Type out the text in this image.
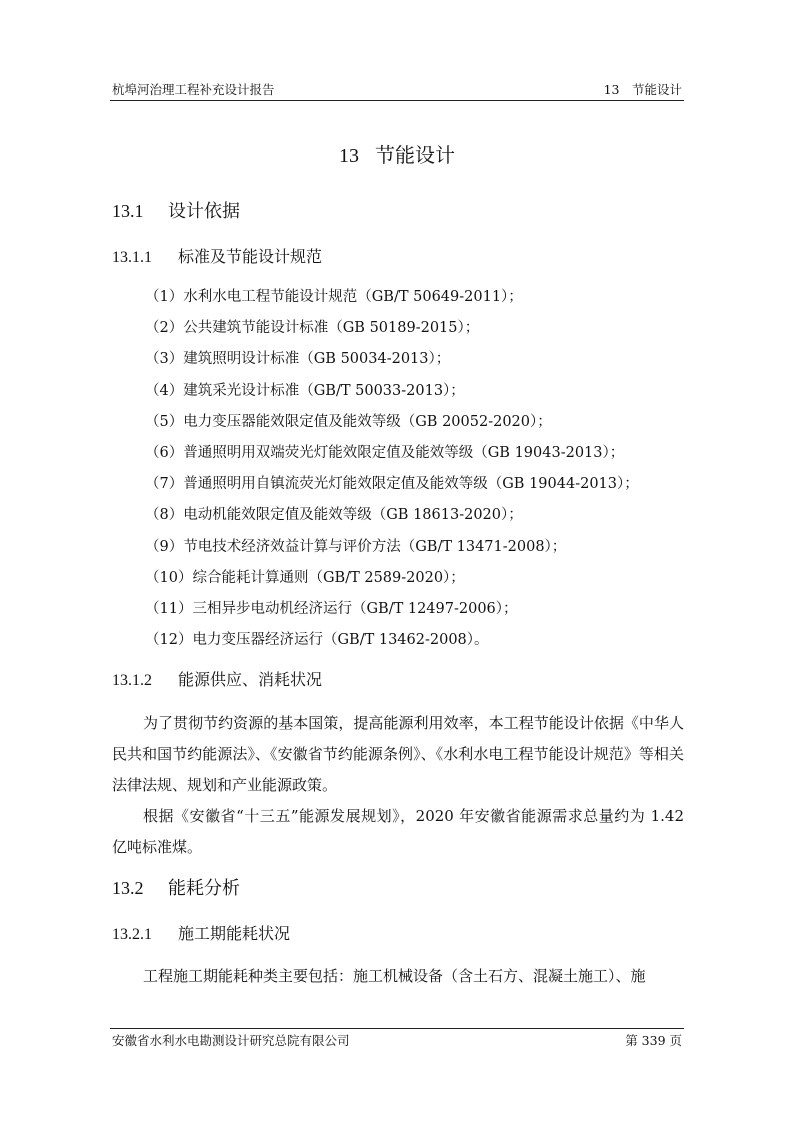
杭埠河治理工程补充设计报告	13　节能设计
13 节能设计
13.1 设计依据
13.1.1 标准及节能设计规范
（1）水利水电工程节能设计规范（GB/T 50649-2011）；
（2）公共建筑节能设计标准（GB 50189-2015）；
（3）建筑照明设计标准（GB 50034-2013）；
（4）建筑采光设计标准（GB/T 50033-2013）；
（5）电力变压器能效限定值及能效等级（GB 20052-2020）；
（6）普通照明用双端荧光灯能效限定值及能效等级（GB 19043-2013）；
（7）普通照明用自镇流荧光灯能效限定值及能效等级（GB 19044-2013）；
（8）电动机能效限定值及能效等级（GB 18613-2020）；
（9）节电技术经济效益计算与评价方法（GB/T 13471-2008）；
（10）综合能耗计算通则（GB/T 2589-2020）；
（11）三相异步电动机经济运行（GB/T 12497-2006）；
（12）电力变压器经济运行（GB/T 13462-2008）。
13.1.2 能源供应、消耗状况

为了贯彻节约资源的基本国策，提高能源利用效率，本工程节能设计依据《中华人民共和国节约能源法》、《安徽省节约能源条例》、《水利水电工程节能设计规范》等相关法律法规、规划和产业能源政策。

根据《安徽省“十三五”能源发展规划》，2020 年安徽省能源需求总量约为 1.42 亿吨标准煤。

13.2 能耗分析
13.2.1 施工期能耗状况

工程施工期能耗种类主要包括：施工机械设备（含土石方、混凝土施工）、施

安徽省水利水电勘测设计研究总院有限公司	第 339 页
